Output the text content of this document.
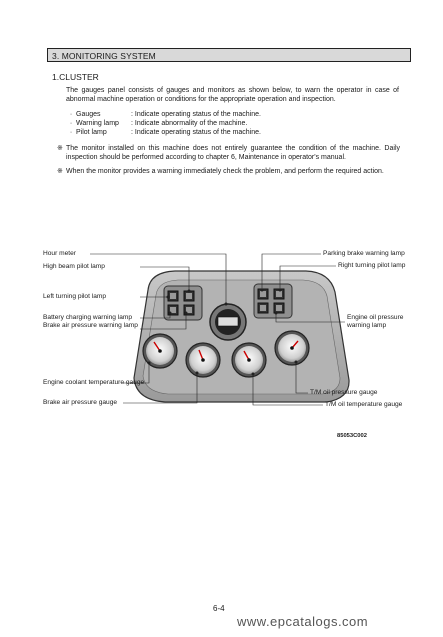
3. MONITORING SYSTEM
1.CLUSTER

The gauges panel consists of gauges and monitors as shown below, to warn the operator in case of abnormal machine operation or conditions for the appropriate operation and inspection.

· Gauges	: Indicate operating status of the machine.
· Warning lamp	: Indicate abnormality of the machine.
· Pilot lamp	: Indicate operating status of the machine.
※ The monitor installed on this machine does not entirely guarantee the condition of the machine. Daily inspection should be performed according to chapter 6, Maintenance in operator's manual.
※ When the monitor provides a warning immediately check the problem, and perform the required action.
Hour meter
High beam pilot lamp
Left turning pilot lamp
Battery charging warning lamp
Brake air pressure warning lamp
Engine coolant temperature gauge
Brake air pressure gauge
Parking brake warning lamp
Right turning pilot lamp
Engine oil pressure
warning lamp
T/M oil pressure gauge
T/M oil temperature gauge
85053C002
6-4
www.epcatalogs.com
